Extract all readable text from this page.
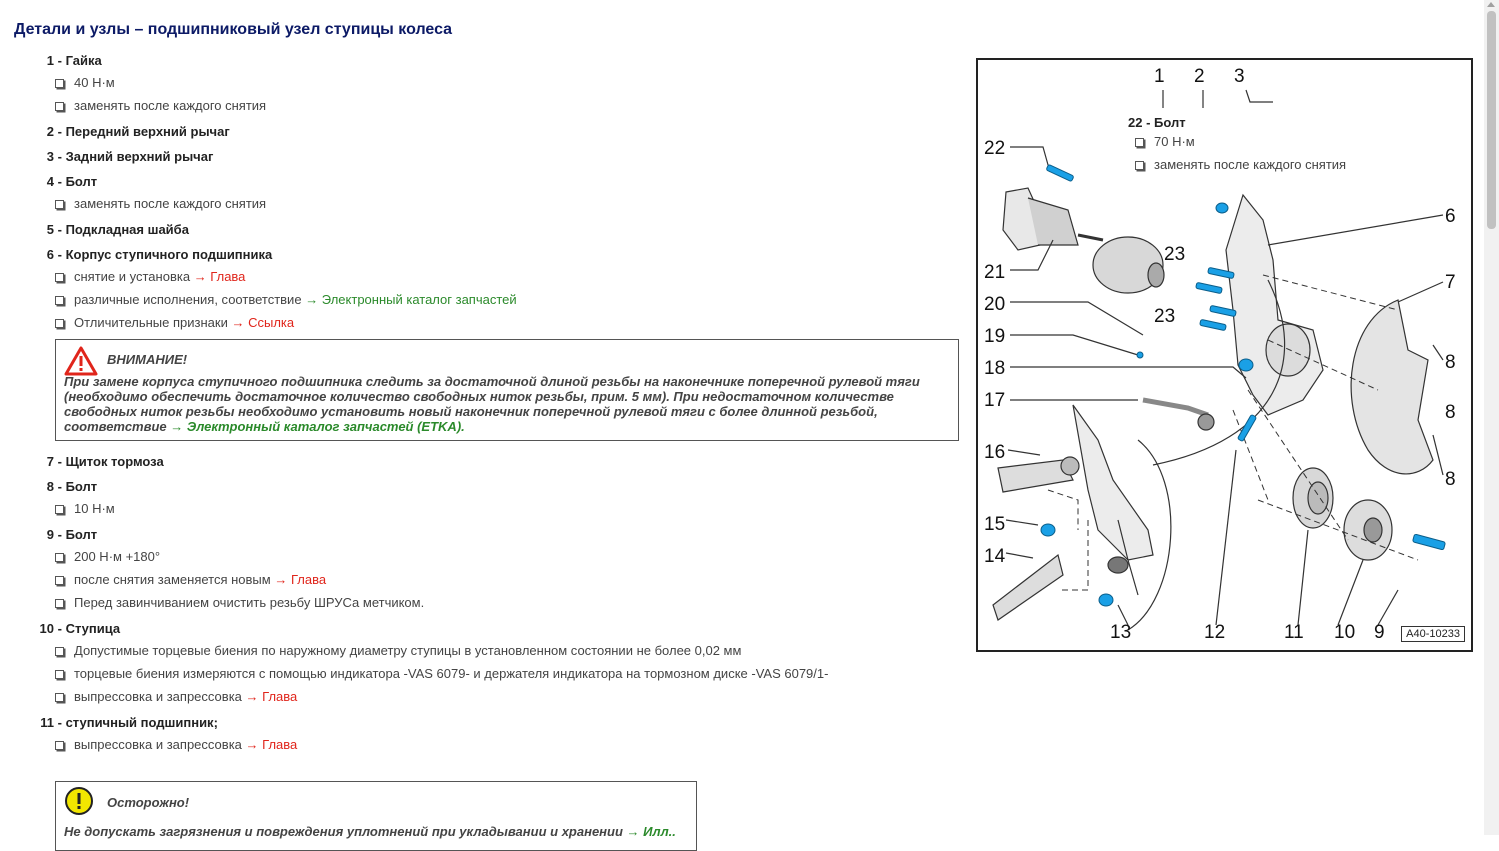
Детали и узлы – подшипниковый узел ступицы колеса
1 - Гайка
40 Н·м
заменять после каждого снятия
2 - Передний верхний рычаг
3 - Задний верхний рычаг
4 - Болт
заменять после каждого снятия
5 - Подкладная шайба
6 - Корпус ступичного подшипника
снятие и установка → Глава
различные исполнения, соответствие → Электронный каталог запчастей
Отличительные признаки → Ссылка
ВНИМАНИЕ!
При замене корпуса ступичного подшипника следить за достаточной длиной резьбы на наконечнике поперечной рулевой тяги (необходимо обеспечить достаточное количество свободных ниток резьбы, прим. 5 мм). При недостаточном количестве свободных ниток резьбы необходимо установить новый наконечник поперечной рулевой тяги с более длинной резьбой, соответствие → Электронный каталог запчастей (ETKA).
7 - Щиток тормоза
8 - Болт
10 Н·м
9 - Болт
200 Н·м +180°
после снятия заменяется новым → Глава
Перед завинчиванием очистить резьбу ШРУСа метчиком.
10 - Ступица
Допустимые торцевые биения по наружному диаметру ступицы в установленном состоянии не более 0,02 мм
торцевые биения измеряются с помощью индикатора -VAS 6079- и держателя индикатора на тормозном диске -VAS 6079/1-
выпрессовка и запрессовка → Глава
11 - ступичный подшипник;
выпрессовка и запрессовка → Глава
Осторожно!
Не допускать загрязнения и повреждения уплотнений при укладывании и хранении → Илл..
1 2 3
6
7
8
8
8
9
10
11
12
13
14
15
16
17
18
19
20
21
22
23
23
22 - Болт
70 Н·м
заменять после каждого снятия
A40-10233
